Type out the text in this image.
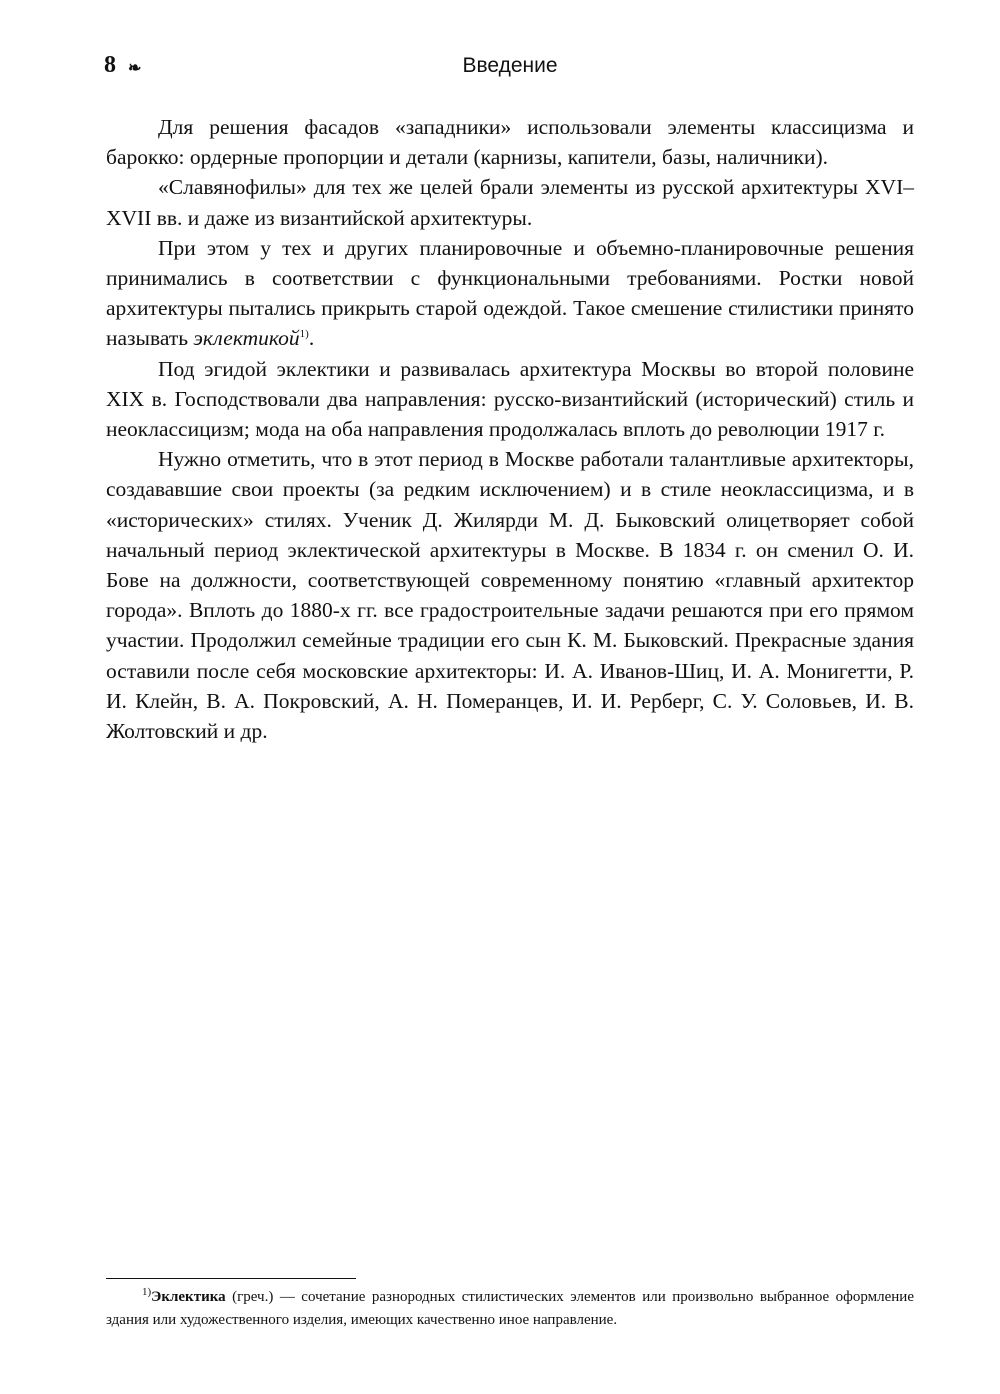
8 ❧	Введение

Для решения фасадов «западники» использовали элементы классицизма и барокко: ордерные пропорции и детали (карнизы, капители, базы, наличники).

«Славянофилы» для тех же целей брали элементы из русской архитектуры XVI–XVII вв. и даже из византийской архитектуры.

При этом у тех и других планировочные и объемно-планировочные решения принимались в соответствии с функциональными требованиями. Ростки новой архитектуры пытались прикрыть старой одеждой. Такое смешение стилистики принято называть эклектикой$^{1)}$.

Под эгидой эклектики и развивалась архитектура Москвы во второй половине XIX в. Господствовали два направления: русско-византийский (исторический) стиль и неоклассицизм; мода на оба направления продолжалась вплоть до революции 1917 г.

Нужно отметить, что в этот период в Москве работали талантливые архитекторы, создававшие свои проекты (за редким исключением) и в стиле неоклассицизма, и в «исторических» стилях. Ученик Д. Жилярди М. Д. Быковский олицетворяет собой начальный период эклектической архитектуры в Москве. В 1834 г. он сменил О. И. Бове на должности, соответствующей современному понятию «главный архитектор города». Вплоть до 1880-х гг. все градостроительные задачи решаются при его прямом участии. Продолжил семейные традиции его сын К. М. Быковский. Прекрасные здания оставили после себя московские архитекторы: И. А. Иванов-Шиц, И. А. Монигетти, Р. И. Клейн, В. А. Покровский, А. Н. Померанцев, И. И. Рерберг, С. У. Соловьев, И. В. Жолтовский и др.

$^{1)}$Эклектика (греч.) — сочетание разнородных стилистических элементов или произвольно выбранное оформление здания или художественного изделия, имеющих качественно иное направление.
